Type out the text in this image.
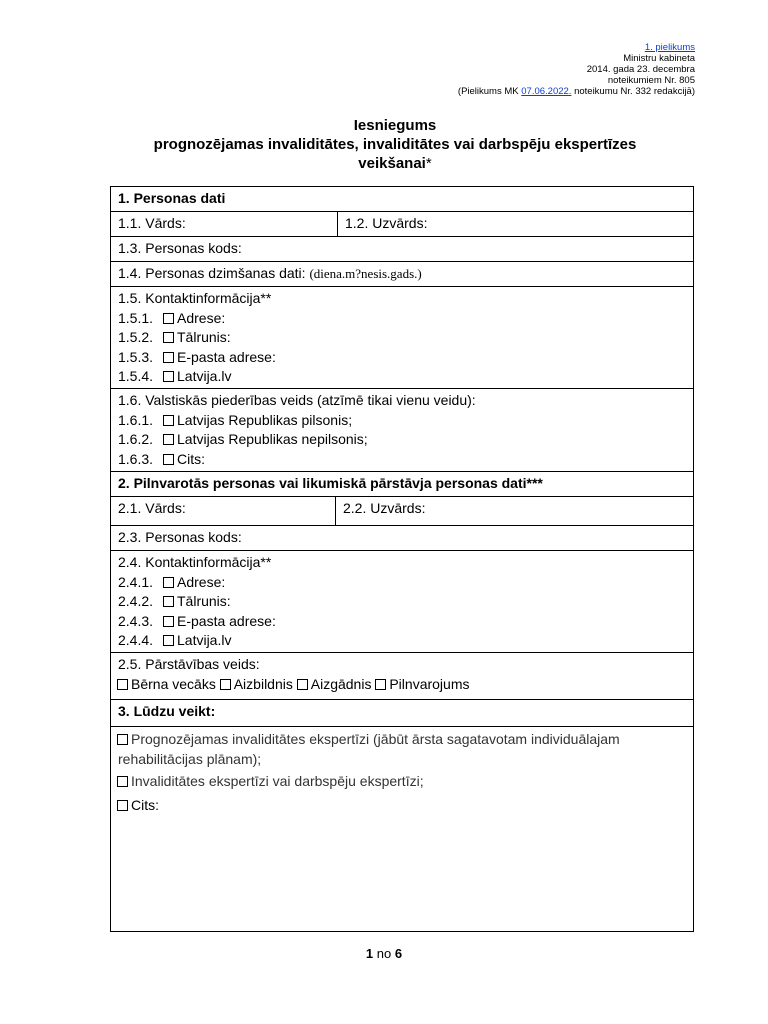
1. pielikums
Ministru kabineta
2014. gada 23. decembra
noteikumiem Nr. 805
(Pielikums MK 07.06.2022. noteikumu Nr. 332 redakcijā)
Iesniegums
prognozējamas invaliditātes, invaliditātes vai darbspēju ekspertīzes
veikšanai*
1. Personas dati
1.1. Vārds:	1.2. Uzvārds:
1.3. Personas kods:
1.4. Personas dzimšanas dati: (diena.m?nesis.gads.)
1.5. Kontaktinformācija**
1.5.1. Adrese:
1.5.2. Tālrunis:
1.5.3. E-pasta adrese:
1.5.4. Latvija.lv
1.6. Valstiskās piederības veids (atzīmē tikai vienu veidu):
1.6.1. Latvijas Republikas pilsonis;
1.6.2. Latvijas Republikas nepilsonis;
1.6.3. Cits:
2. Pilnvarotās personas vai likumiskā pārstāvja personas dati***
2.1. Vārds:	2.2. Uzvārds:
2.3. Personas kods:
2.4. Kontaktinformācija**
2.4.1. Adrese:
2.4.2. Tālrunis:
2.4.3. E-pasta adrese:
2.4.4. Latvija.lv
2.5. Pārstāvības veids:
Bērna vecāks Aizbildnis Aizgādnis Pilnvarojums
3. Lūdzu veikt:
Prognozējamas invaliditātes ekspertīzi (jābūt ārsta sagatavotam individuālajam
rehabilitācijas plānam);
Invaliditātes ekspertīzi vai darbspēju ekspertīzi;
Cits:
1 no 6
